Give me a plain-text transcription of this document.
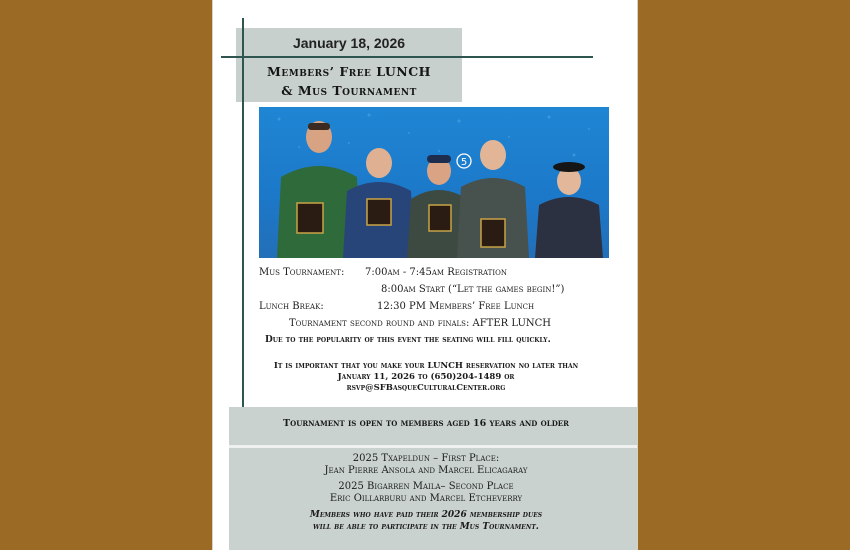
January 18, 2026
Members’ Free LUNCH
& Mus Tournament
5
Mus Tournament: 7:00am - 7:45am Registration
8:00am Start (“Let the games begin!”)
Lunch Break:	12:30 PM Members’ Free Lunch
Tournament second round and finals: AFTER LUNCH
Due to the popularity of this event the seating will fill quickly.
It is important that you make your LUNCH reservation no later than
January 11, 2026 to (650)204-1489 or
rsvp@SFBasqueCulturalCenter.org
Tournament is open to members aged 16 years and older
2025 Txapeldun – First Place:
Jean Pierre Ansola and Marcel Elicagaray
2025 Bigarren Maila– Second Place
Eric Oillarburu and Marcel Etcheverry
Members who have paid their 2026 membership dues
will be able to participate in the Mus Tournament.
